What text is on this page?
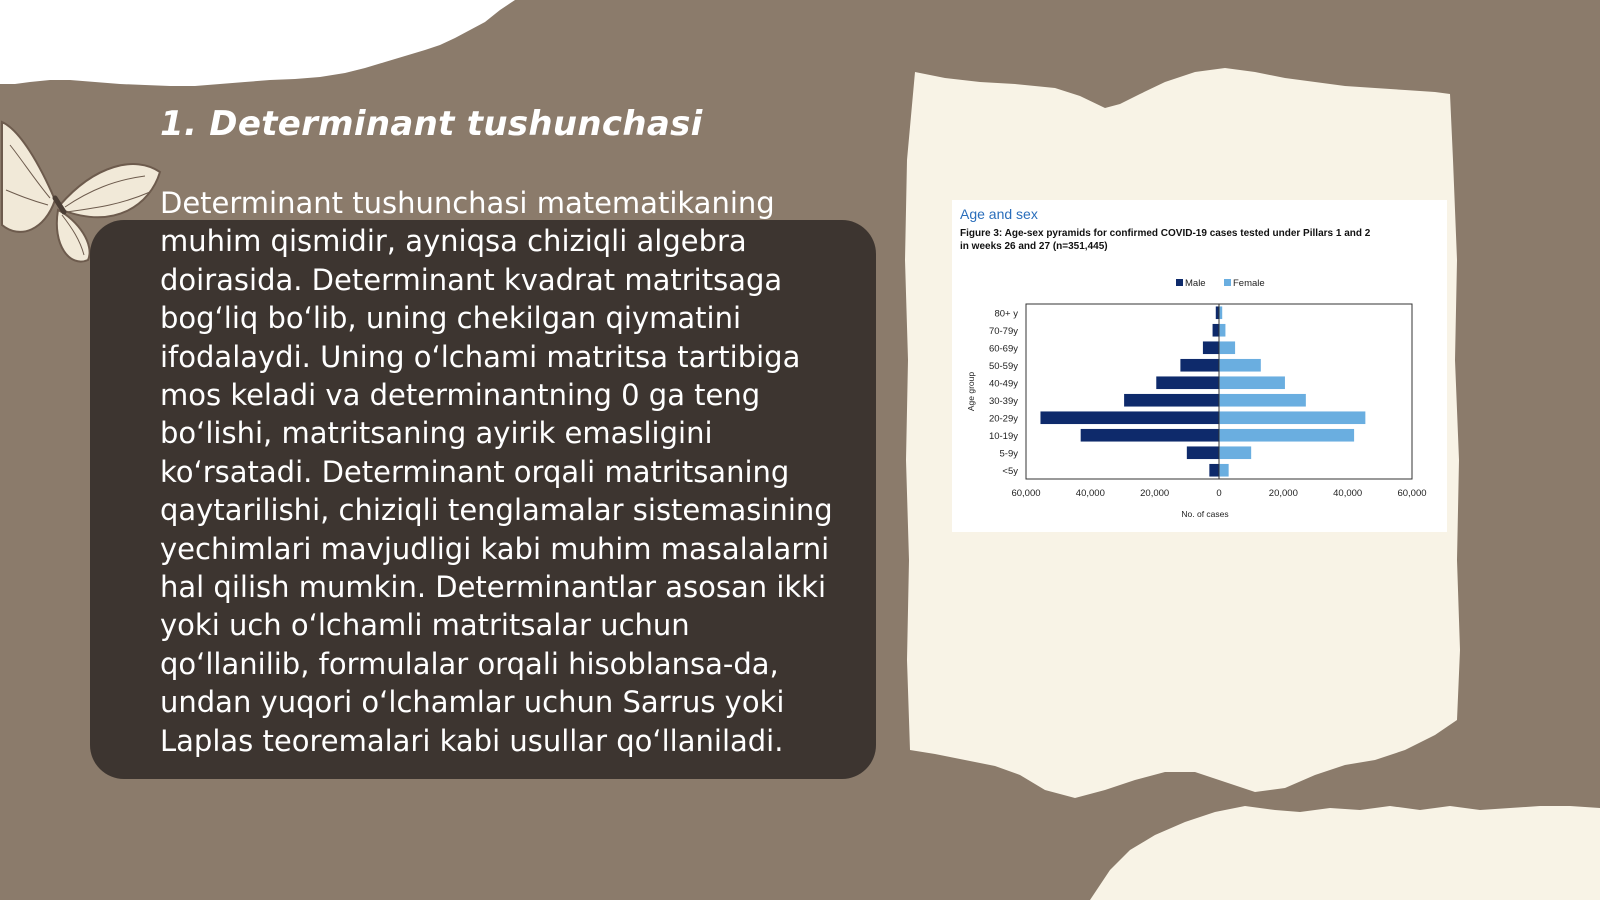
1. Determinant tushunchasi

Determinant tushunchasi matematikaning muhim qismidir, ayniqsa chiziqli algebra doirasida. Determinant kvadrat matritsaga bog‘liq bo‘lib, uning chekilgan qiymatini ifodalaydi. Uning o‘lchami matritsa tartibiga mos keladi va determinantning 0 ga teng bo‘lishi, matritsaning ayirik emasligini ko‘rsatadi. Determinant orqali matritsaning qaytarilishi, chiziqli tenglamalar sistemasining yechimlari mavjudligi kabi muhim masalalarni hal qilish mumkin. Determinantlar asosan ikki yoki uch o‘lchamli matritsalar uchun qo‘llanilib, formulalar orqali hisoblansa-da, undan yuqori o‘lchamlar uchun Sarrus yoki Laplas teoremalari kabi usullar qo‘llaniladi.

Age and sex
Figure 3: Age-sex pyramids for confirmed COVID-19 cases tested under Pillars 1 and 2 in weeks 26 and 27 (n=351,445)
80+ y
70-79y
60-69y
50-59y
40-49y
30-39y
20-29y
10-19y
5-9y
<5y
60,000	40,000	20,000	0	20,000	40,000	60,000
No. of cases
Age group
Male	Female
